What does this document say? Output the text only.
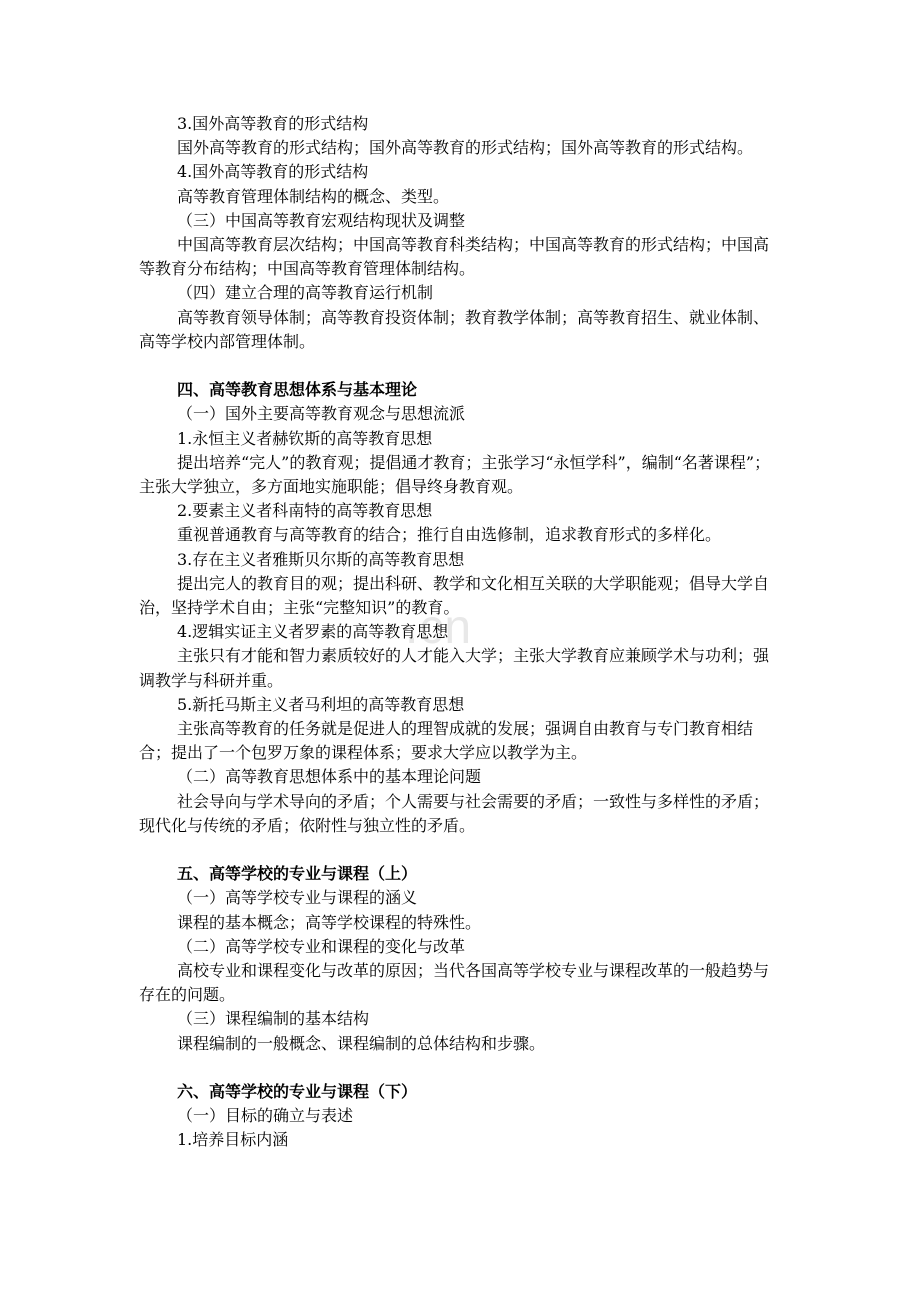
.cn
3.国外高等教育的形式结构
国外高等教育的形式结构；国外高等教育的形式结构；国外高等教育的形式结构。
4.国外高等教育的形式结构
高等教育管理体制结构的概念、类型。
（三）中国高等教育宏观结构现状及调整
中国高等教育层次结构；中国高等教育科类结构；中国高等教育的形式结构；中国高等教育分布结构；中国高等教育管理体制结构。
（四）建立合理的高等教育运行机制
高等教育领导体制；高等教育投资体制；教育教学体制；高等教育招生、就业体制、高等学校内部管理体制。
四、高等教育思想体系与基本理论
（一）国外主要高等教育观念与思想流派
1.永恒主义者赫钦斯的高等教育思想
提出培养“完人”的教育观；提倡通才教育；主张学习“永恒学科”，编制“名著课程”；主张大学独立，多方面地实施职能；倡导终身教育观。
2.要素主义者科南特的高等教育思想
重视普通教育与高等教育的结合；推行自由选修制，追求教育形式的多样化。
3.存在主义者雅斯贝尔斯的高等教育思想
提出完人的教育目的观；提出科研、教学和文化相互关联的大学职能观；倡导大学自治，坚持学术自由；主张“完整知识”的教育。
4.逻辑实证主义者罗素的高等教育思想
主张只有才能和智力素质较好的人才能入大学；主张大学教育应兼顾学术与功利；强调教学与科研并重。
5.新托马斯主义者马利坦的高等教育思想
主张高等教育的任务就是促进人的理智成就的发展；强调自由教育与专门教育相结合；提出了一个包罗万象的课程体系；要求大学应以教学为主。
（二）高等教育思想体系中的基本理论问题
社会导向与学术导向的矛盾；个人需要与社会需要的矛盾；一致性与多样性的矛盾；现代化与传统的矛盾；依附性与独立性的矛盾。
五、高等学校的专业与课程（上）
（一）高等学校专业与课程的涵义
课程的基本概念；高等学校课程的特殊性。
（二）高等学校专业和课程的变化与改革
高校专业和课程变化与改革的原因；当代各国高等学校专业与课程改革的一般趋势与存在的问题。
（三）课程编制的基本结构
课程编制的一般概念、课程编制的总体结构和步骤。
六、高等学校的专业与课程（下）
（一）目标的确立与表述
1.培养目标内涵
